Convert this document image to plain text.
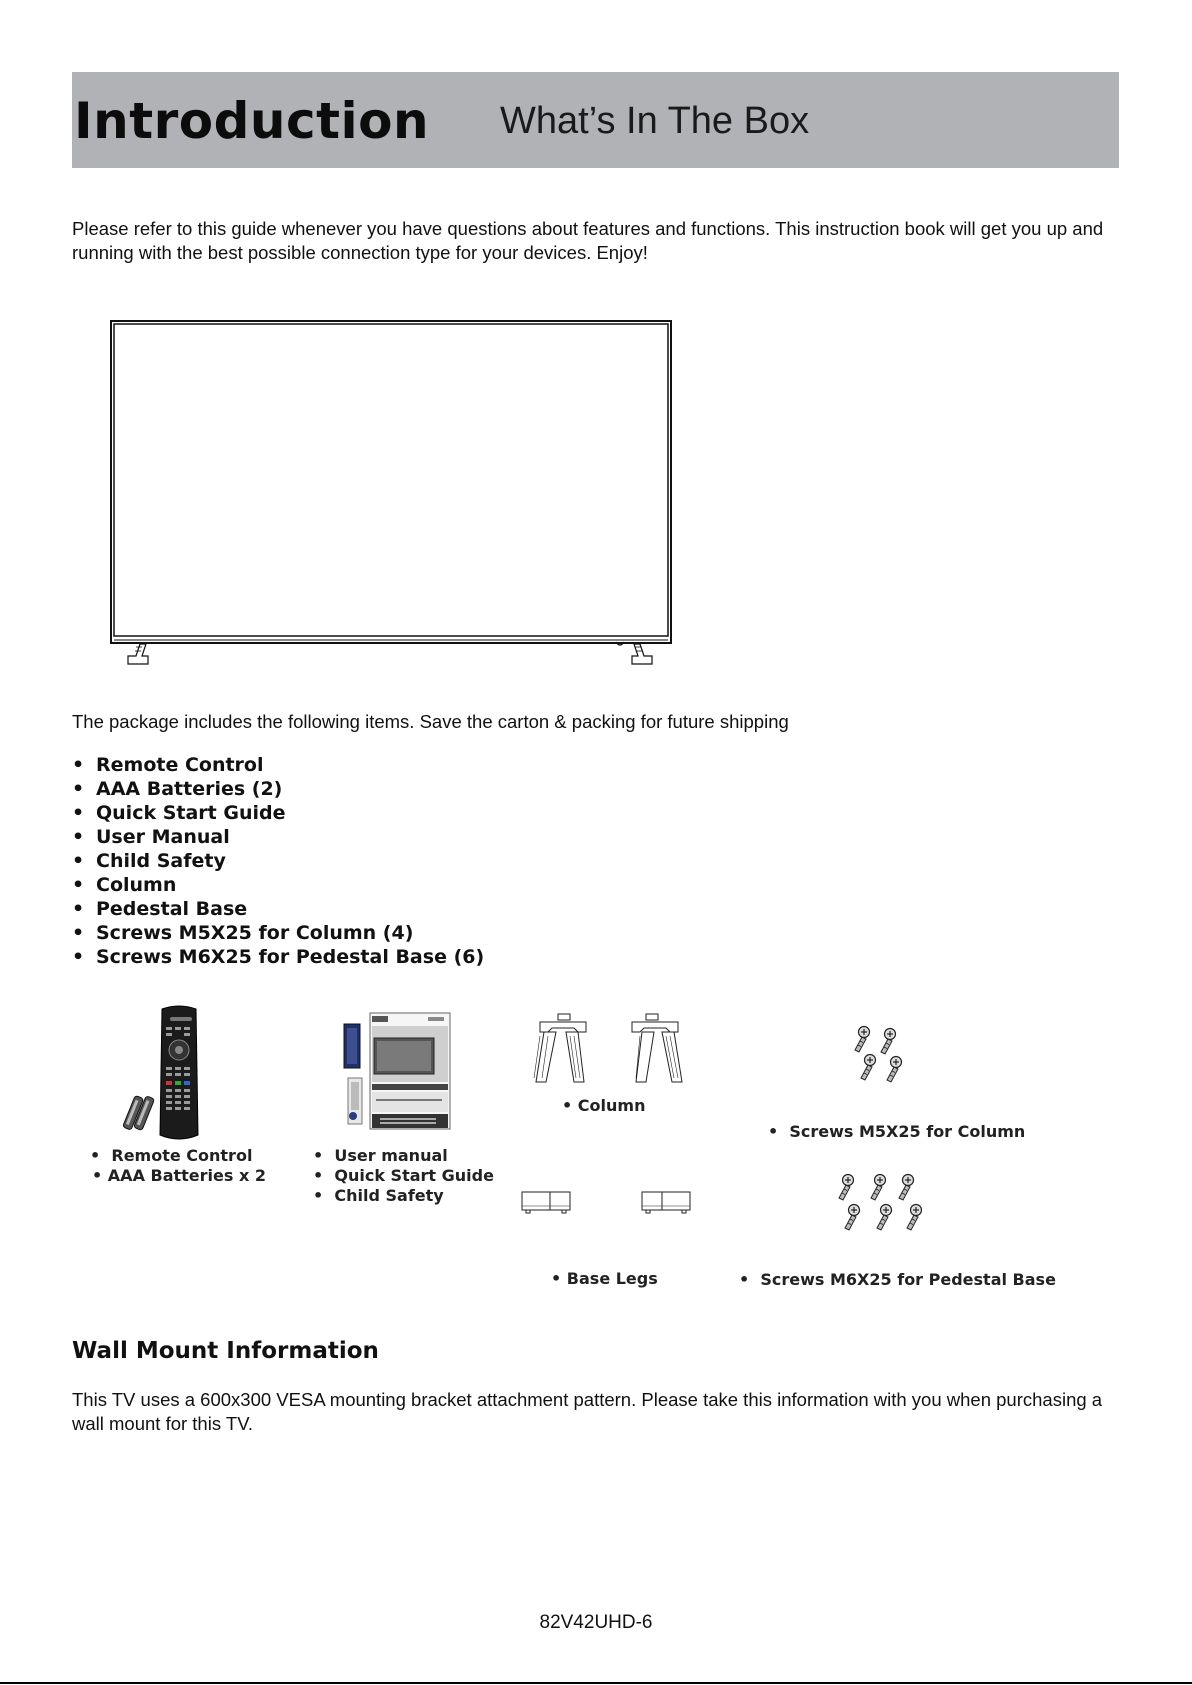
Introduction What’s In The Box
Please refer to this guide whenever you have questions about features and functions. This instruction book will get you up and running with the best possible connection type for your devices. Enjoy!
The package includes the following items. Save the carton & packing for future shipping
• Remote Control
• AAA Batteries (2)
• Quick Start Guide
• User Manual
• Child Safety
• Column
• Pedestal Base
• Screws M5X25 for Column (4)
• Screws M6X25 for Pedestal Base (6)
•  Remote Control
• AAA Batteries x 2
•  User manual
•  Quick Start Guide
•  Child Safety
• Column
• Base Legs
•  Screws M5X25 for Column
•  Screws M6X25 for Pedestal Base
Wall Mount Information
This TV uses a 600x300 VESA mounting bracket attachment pattern. Please take this information with you when purchasing a wall mount for this TV.
82V42UHD-6
